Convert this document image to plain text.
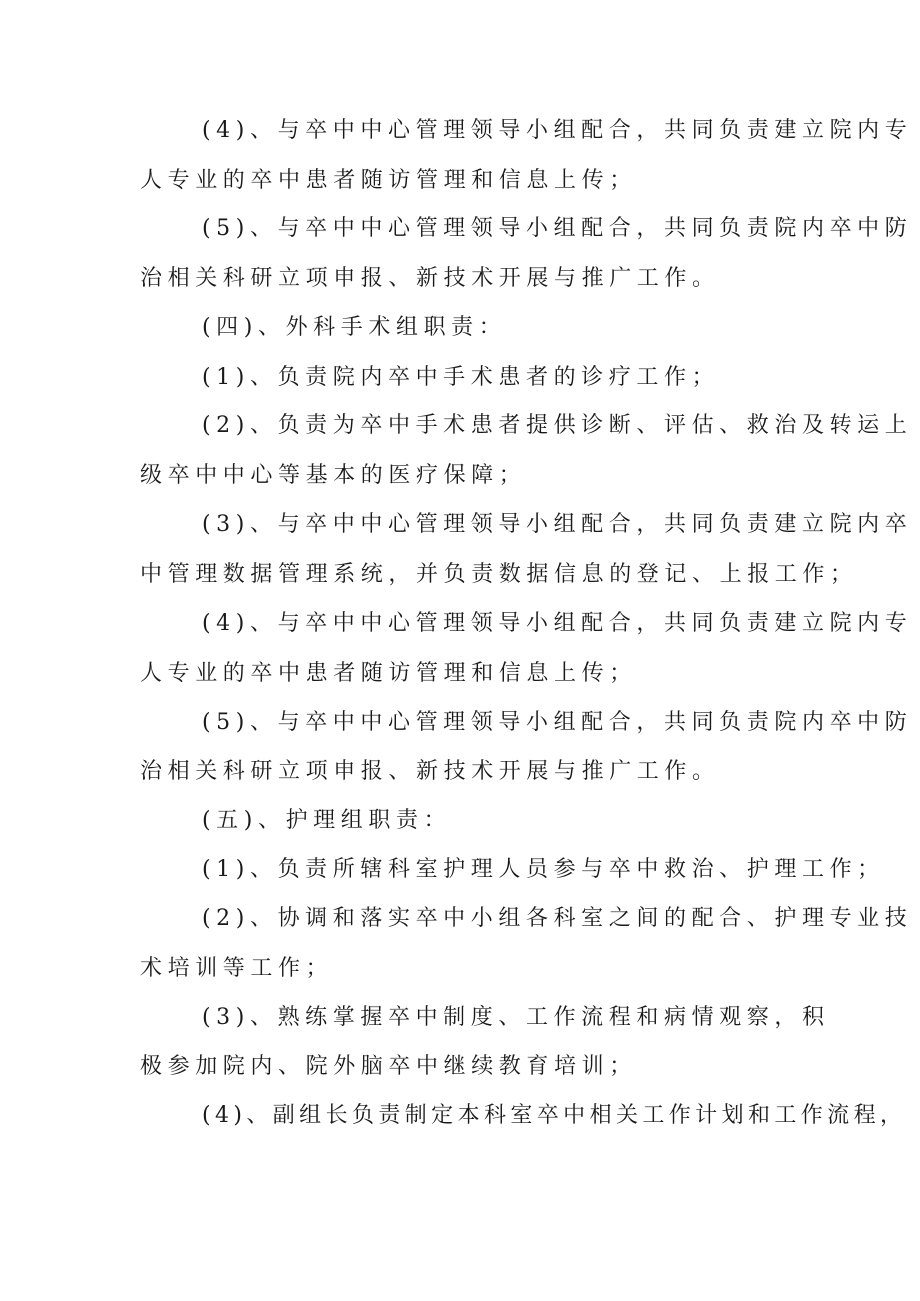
(4)、与卒中中心管理领导小组配合，共同负责建立院内专

人专业的卒中患者随访管理和信息上传；

(5)、与卒中中心管理领导小组配合，共同负责院内卒中防

治相关科研立项申报、新技术开展与推广工作。

(四)、外科手术组职责：

(1)、负责院内卒中手术患者的诊疗工作；

(2)、负责为卒中手术患者提供诊断、评估、救治及转运上

级卒中中心等基本的医疗保障；

(3)、与卒中中心管理领导小组配合，共同负责建立院内卒

中管理数据管理系统，并负责数据信息的登记、上报工作；

(4)、与卒中中心管理领导小组配合，共同负责建立院内专

人专业的卒中患者随访管理和信息上传；

(5)、与卒中中心管理领导小组配合，共同负责院内卒中防

治相关科研立项申报、新技术开展与推广工作。

(五)、护理组职责：

(1)、负责所辖科室护理人员参与卒中救治、护理工作；

(2)、协调和落实卒中小组各科室之间的配合、护理专业技

术培训等工作；

(3)、熟练掌握卒中制度、工作流程和病情观察，积

极参加院内、院外脑卒中继续教育培训；

(4)、副组长负责制定本科室卒中相关工作计划和工作流程，
